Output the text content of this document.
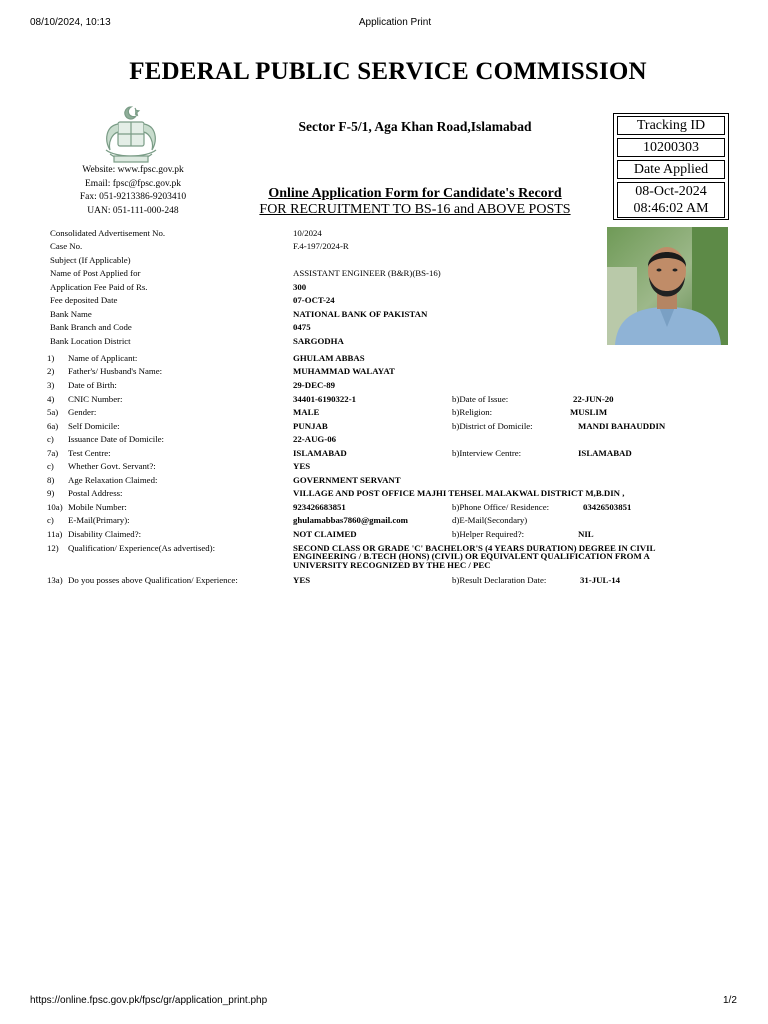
08/10/2024, 10:13	Application Print
https://online.fpsc.gov.pk/fpsc/gr/application_print.php	1/2
FEDERAL PUBLIC SERVICE COMMISSION
Website: www.fpsc.gov.pk
Email: fpsc@fpsc.gov.pk
Fax: 051-9213386-9203410
UAN: 051-111-000-248
Sector F-5/1, Aga Khan Road,Islamabad
Online Application Form for Candidate's Record
FOR RECRUITMENT TO BS-16 and ABOVE POSTS
Tracking ID
10200303
Date Applied
08-Oct-2024
08:46:02 AM
Consolidated Advertisement No.	10/2024
Case No.	F.4-197/2024-R
Subject (If Applicable)
Name of Post Applied for	ASSISTANT ENGINEER (B&R)(BS-16)
Application Fee Paid of Rs.	300
Fee deposited Date	07-OCT-24
Bank Name	NATIONAL BANK OF PAKISTAN
Bank Branch and Code	0475
Bank Location District	SARGODHA
1) Name of Applicant:	GHULAM ABBAS
2) Father's/ Husband's Name:	MUHAMMAD WALAYAT
3) Date of Birth:	29-DEC-89
4) CNIC Number:	34401-6190322-1	b)Date of Issue:	22-JUN-20
5a) Gender:	MALE	b)Religion:	MUSLIM
6a) Self Domicile:	PUNJAB	b)District of Domicile:	MANDI BAHAUDDIN
c) Issuance Date of Domicile:	22-AUG-06
7a) Test Centre:	ISLAMABAD	b)Interview Centre:	ISLAMABAD
c) Whether Govt. Servant?:	YES
8) Age Relaxation Claimed:	GOVERNMENT SERVANT
9) Postal Address:	VILLAGE AND POST OFFICE MAJHI TEHSEL MALAKWAL DISTRICT M,B.DIN ,
10a) Mobile Number:	923426683851	b)Phone Office/ Residence:	03426503851
c) E-Mail(Primary):	ghulamabbas7860@gmail.com	d)E-Mail(Secondary)
11a) Disability Claimed?:	NOT CLAIMED	b)Helper Required?:	NIL
12) Qualification/ Experience(As advertised):	SECOND CLASS OR GRADE 'C' BACHELOR'S (4 YEARS DURATION) DEGREE IN CIVIL
ENGINEERING / B.TECH (HONS) (CIVIL) OR EQUIVALENT QUALIFICATION FROM A
UNIVERSITY RECOGNIZED BY THE HEC / PEC
13a) Do you posses above Qualification/ Experience:	YES	b)Result Declaration Date:	31-JUL-14
